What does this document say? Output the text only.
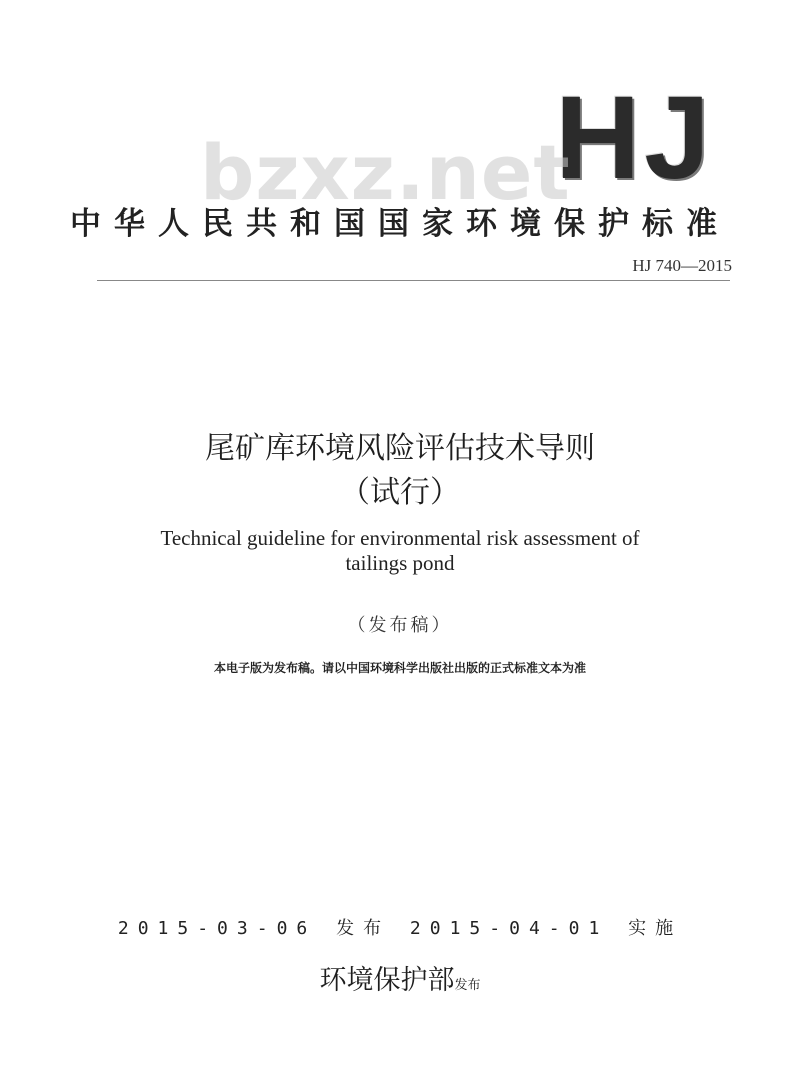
HJ
bzxz.net
中华人民共和国国家环境保护标准
HJ 740—2015
尾矿库环境风险评估技术导则
（试行）
Technical guideline for environmental risk assessment of
tailings pond
（发布稿）
本电子版为发布稿。请以中国环境科学出版社出版的正式标准文本为准
2015-03-06 发布 2015-04-01 实施
环境保护部发布
